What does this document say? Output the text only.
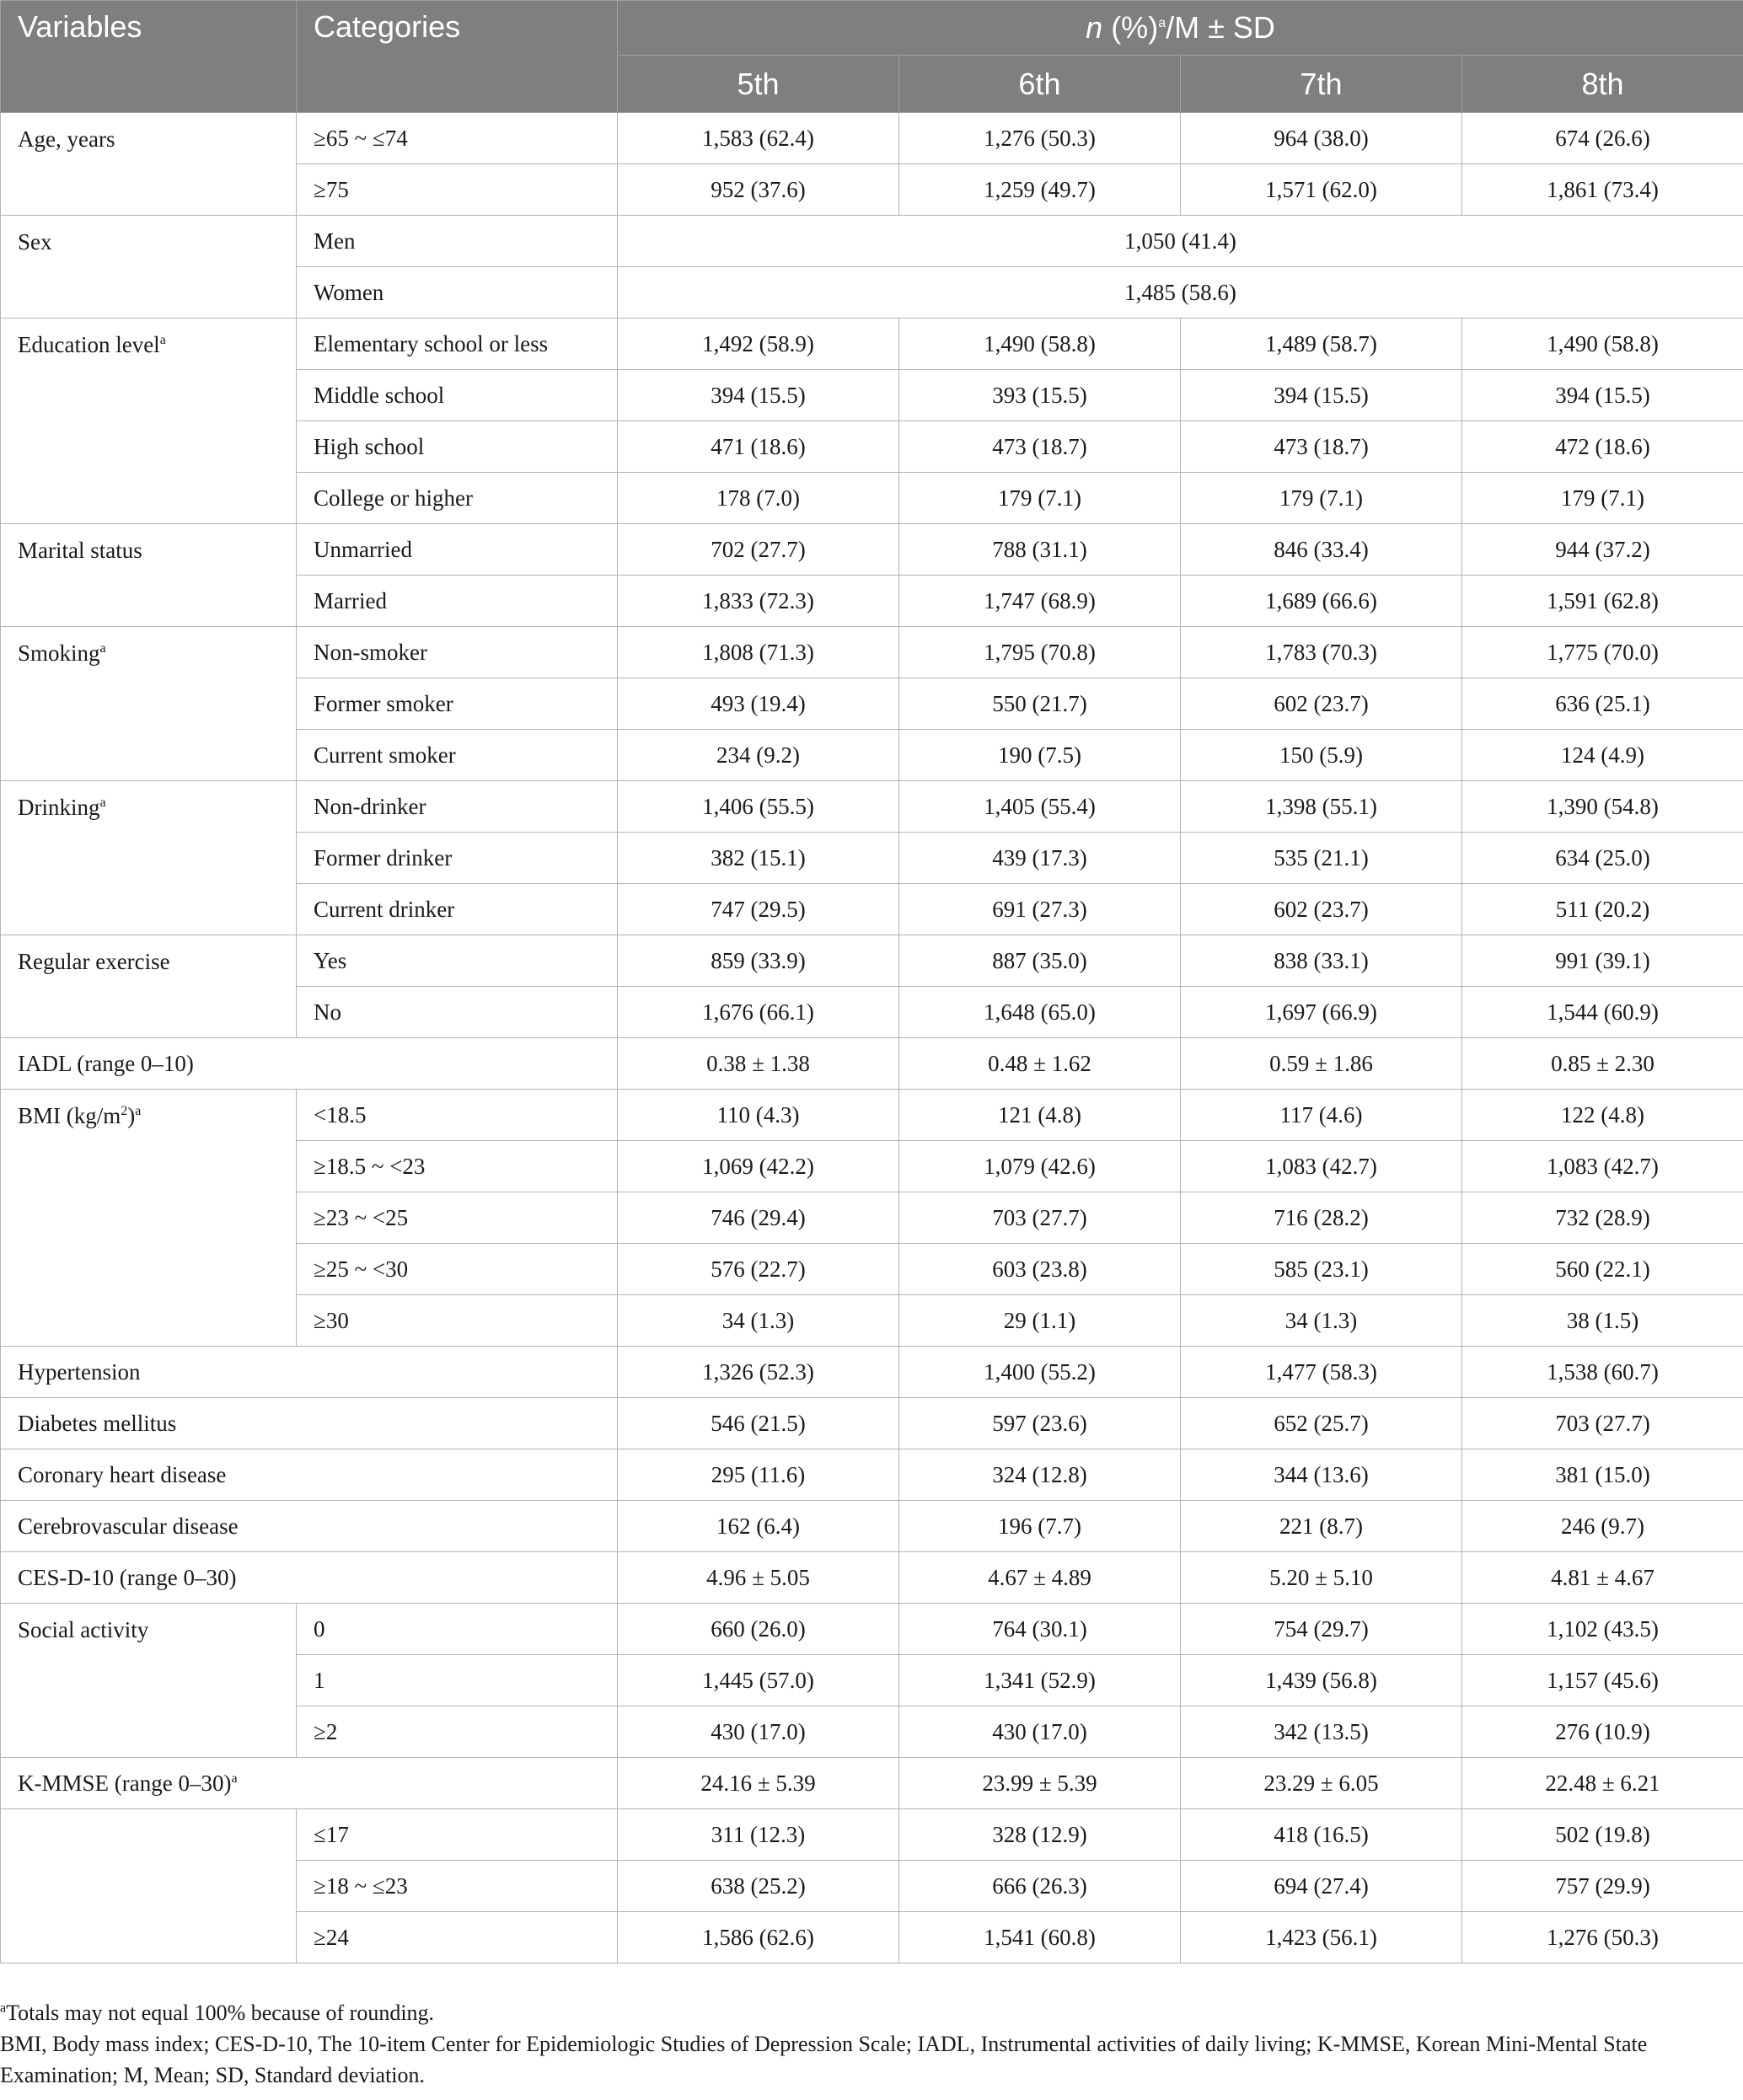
Variables	Categories	n (%)$^a$/M ± SD			
		5th	6th	7th	8th
Age, years	≥65 ~ ≤74	1,583 (62.4)	1,276 (50.3)	964 (38.0)	674 (26.6)
	≥75	952 (37.6)	1,259 (49.7)	1,571 (62.0)	1,861 (73.4)
Sex	Men	1,050 (41.4)			
	Women	1,485 (58.6)			
Education level$^a$	Elementary school or less	1,492 (58.9)	1,490 (58.8)	1,489 (58.7)	1,490 (58.8)
	Middle school	394 (15.5)	393 (15.5)	394 (15.5)	394 (15.5)
	High school	471 (18.6)	473 (18.7)	473 (18.7)	472 (18.6)
	College or higher	178 (7.0)	179 (7.1)	179 (7.1)	179 (7.1)
Marital status	Unmarried	702 (27.7)	788 (31.1)	846 (33.4)	944 (37.2)
	Married	1,833 (72.3)	1,747 (68.9)	1,689 (66.6)	1,591 (62.8)
Smoking$^a$	Non-smoker	1,808 (71.3)	1,795 (70.8)	1,783 (70.3)	1,775 (70.0)
	Former smoker	493 (19.4)	550 (21.7)	602 (23.7)	636 (25.1)
	Current smoker	234 (9.2)	190 (7.5)	150 (5.9)	124 (4.9)
Drinking$^a$	Non-drinker	1,406 (55.5)	1,405 (55.4)	1,398 (55.1)	1,390 (54.8)
	Former drinker	382 (15.1)	439 (17.3)	535 (21.1)	634 (25.0)
	Current drinker	747 (29.5)	691 (27.3)	602 (23.7)	511 (20.2)
Regular exercise	Yes	859 (33.9)	887 (35.0)	838 (33.1)	991 (39.1)
	No	1,676 (66.1)	1,648 (65.0)	1,697 (66.9)	1,544 (60.9)
IADL (range 0–10)		0.38 ± 1.38	0.48 ± 1.62	0.59 ± 1.86	0.85 ± 2.30
BMI $(kg/m^2)^a$	<18.5	110 (4.3)	121 (4.8)	117 (4.6)	122 (4.8)
	≥18.5 ~ <23	1,069 (42.2)	1,079 (42.6)	1,083 (42.7)	1,083 (42.7)
	≥23 ~ <25	746 (29.4)	703 (27.7)	716 (28.2)	732 (28.9)
	≥25 ~ <30	576 (22.7)	603 (23.8)	585 (23.1)	560 (22.1)
	≥30	34 (1.3)	29 (1.1)	34 (1.3)	38 (1.5)
Hypertension		1,326 (52.3)	1,400 (55.2)	1,477 (58.3)	1,538 (60.7)
Diabetes mellitus		546 (21.5)	597 (23.6)	652 (25.7)	703 (27.7)
Coronary heart disease		295 (11.6)	324 (12.8)	344 (13.6)	381 (15.0)
Cerebrovascular disease		162 (6.4)	196 (7.7)	221 (8.7)	246 (9.7)
CES-D-10 (range 0–30)		4.96 ± 5.05	4.67 ± 4.89	5.20 ± 5.10	4.81 ± 4.67
Social activity	0	660 (26.0)	764 (30.1)	754 (29.7)	1,102 (43.5)
	1	1,445 (57.0)	1,341 (52.9)	1,439 (56.8)	1,157 (45.6)
	≥2	430 (17.0)	430 (17.0)	342 (13.5)	276 (10.9)
K-MMSE (range 0–30)$^a$		24.16 ± 5.39	23.99 ± 5.39	23.29 ± 6.05	22.48 ± 6.21
	≤17	311 (12.3)	328 (12.9)	418 (16.5)	502 (19.8)
	≥18 ~ ≤23	638 (25.2)	666 (26.3)	694 (27.4)	757 (29.9)
	≥24	1,586 (62.6)	1,541 (60.8)	1,423 (56.1)	1,276 (50.3)

$^a$Totals may not equal 100% because of rounding.

BMI, Body mass index; CES-D-10, The 10-item Center for Epidemiologic Studies of Depression Scale; IADL, Instrumental activities of daily living; K-MMSE, Korean Mini-Mental State Examination; M, Mean; SD, Standard deviation.
